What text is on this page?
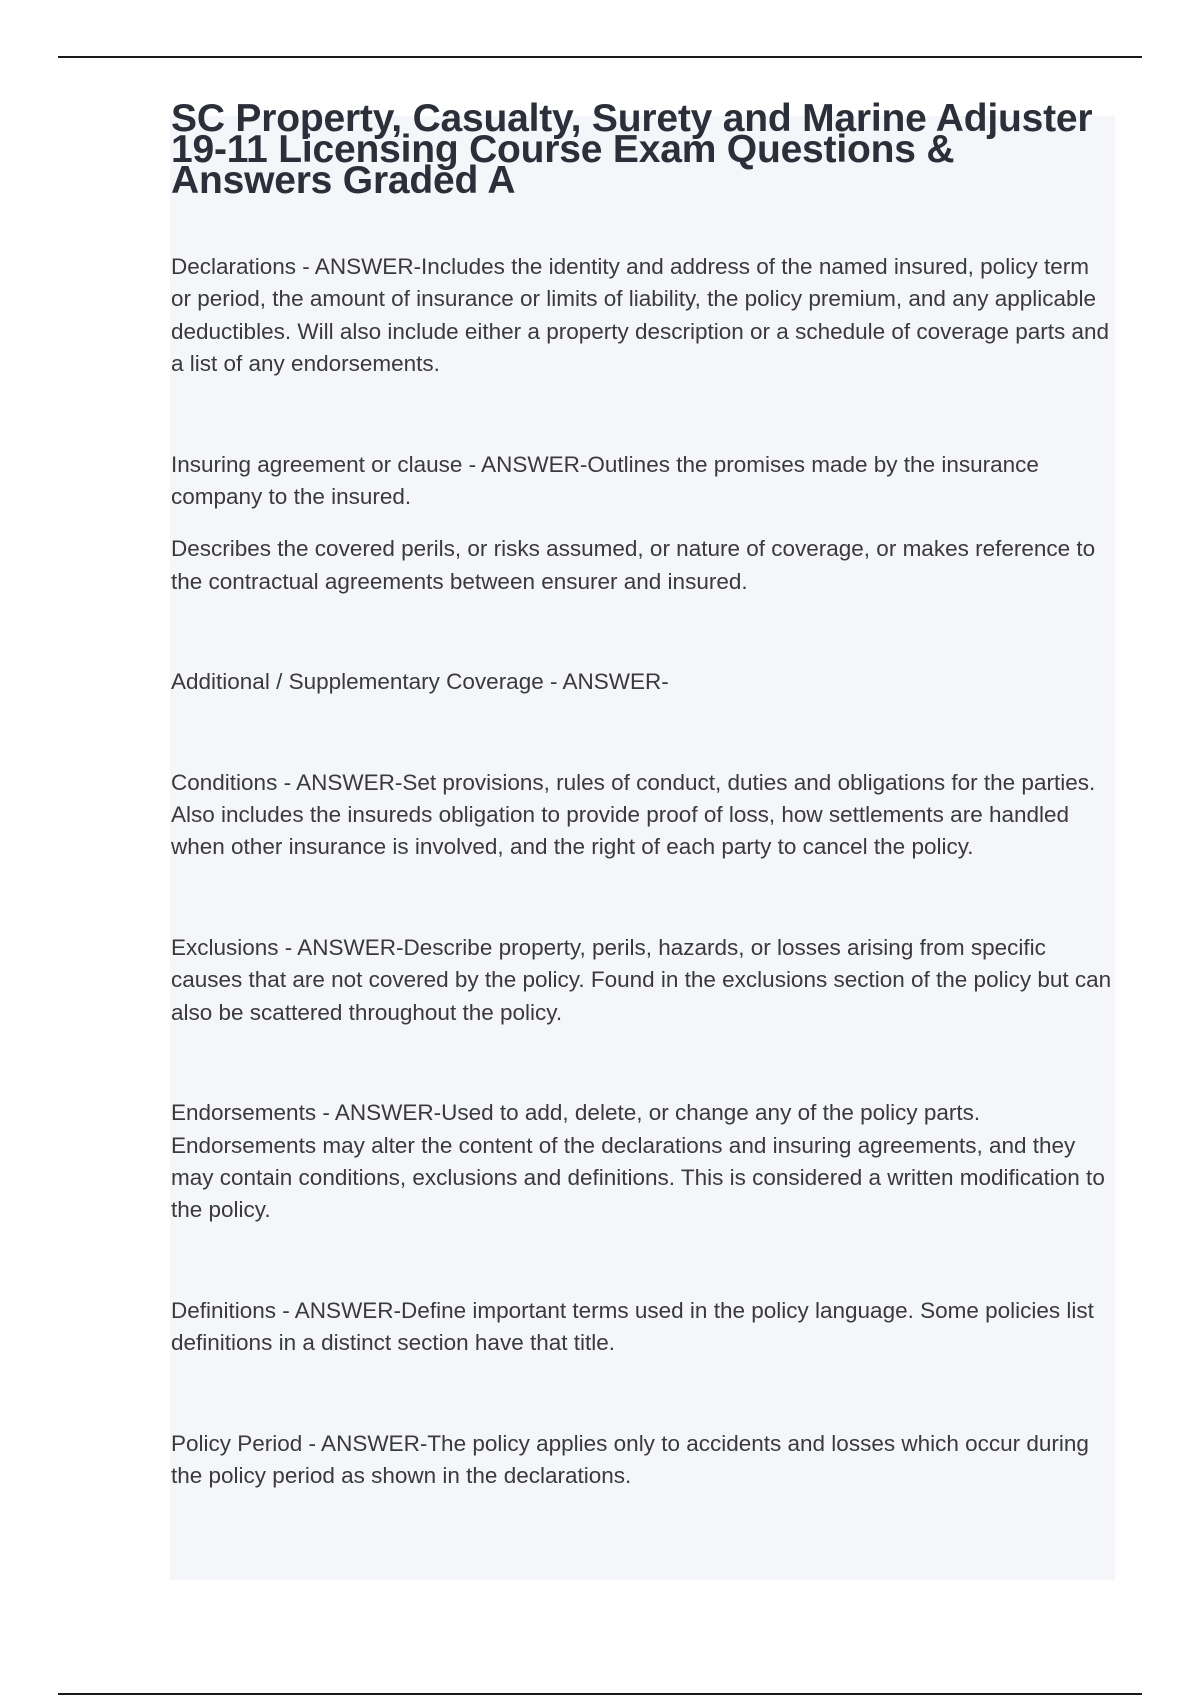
SC Property, Casualty, Surety and Marine Adjuster 19-11 Licensing Course Exam Questions & Answers Graded A

Declarations - ANSWER-Includes the identity and address of the named insured, policy term or period, the amount of insurance or limits of liability, the policy premium, and any applicable deductibles. Will also include either a property description or a schedule of coverage parts and a list of any endorsements.

Insuring agreement or clause - ANSWER-Outlines the promises made by the insurance company to the insured.

Describes the covered perils, or risks assumed, or nature of coverage, or makes reference to the contractual agreements between ensurer and insured.

Additional / Supplementary Coverage - ANSWER-

Conditions - ANSWER-Set provisions, rules of conduct, duties and obligations for the parties. Also includes the insureds obligation to provide proof of loss, how settlements are handled when other insurance is involved, and the right of each party to cancel the policy.

Exclusions - ANSWER-Describe property, perils, hazards, or losses arising from specific causes that are not covered by the policy. Found in the exclusions section of the policy but can also be scattered throughout the policy.

Endorsements - ANSWER-Used to add, delete, or change any of the policy parts. Endorsements may alter the content of the declarations and insuring agreements, and they may contain conditions, exclusions and definitions. This is considered a written modification to the policy.

Definitions - ANSWER-Define important terms used in the policy language. Some policies list definitions in a distinct section have that title.

Policy Period - ANSWER-The policy applies only to accidents and losses which occur during the policy period as shown in the declarations.
